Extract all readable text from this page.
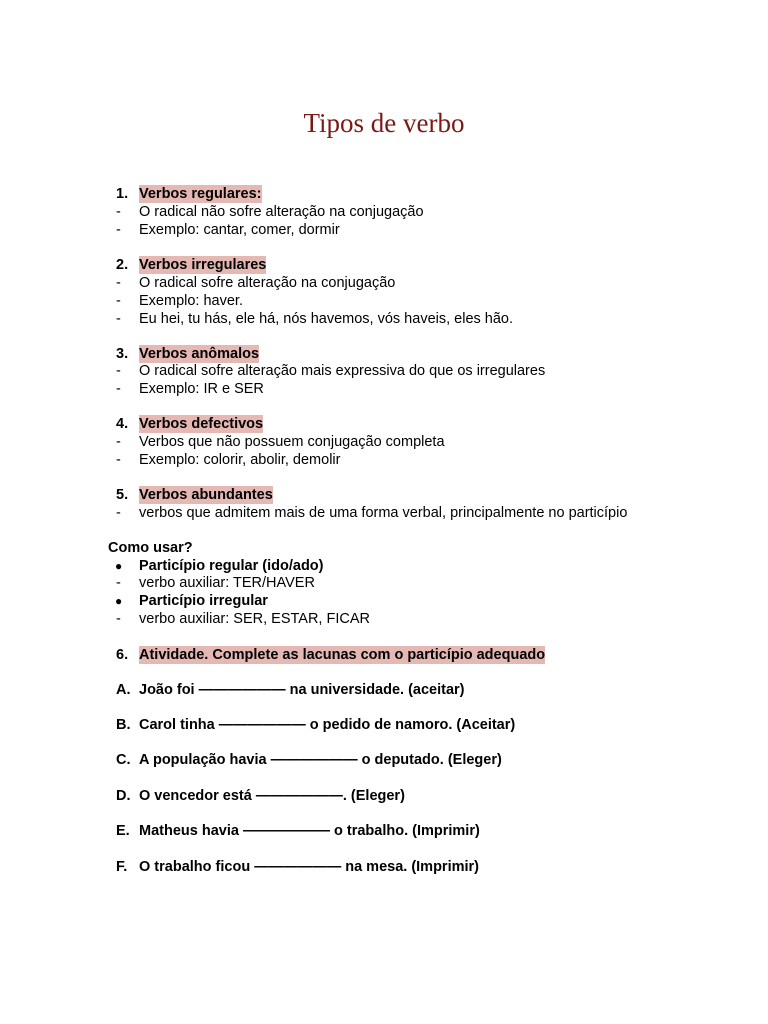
Tipos de verbo
1. Verbos regulares:
- O radical não sofre alteração na conjugação
- Exemplo: cantar, comer, dormir
2. Verbos irregulares
- O radical sofre alteração na conjugação
- Exemplo: haver.
- Eu hei, tu hás, ele há, nós havemos, vós haveis, eles hão.
3. Verbos anômalos
- O radical sofre alteração mais expressiva do que os irregulares
- Exemplo: IR e SER
4. Verbos defectivos
- Verbos que não possuem conjugação completa
- Exemplo: colorir, abolir, demolir
5. Verbos abundantes
- verbos que admitem mais de uma forma verbal, principalmente no particípio
Como usar?
● Particípio regular (ido/ado)
- verbo auxiliar: TER/HAVER
● Particípio irregular
- verbo auxiliar: SER, ESTAR, FICAR
6. Atividade. Complete as lacunas com o particípio adequado
A. João foi ―――――― na universidade. (aceitar)
B. Carol tinha ―――――― o pedido de namoro. (Aceitar)
C. A população havia ―――――― o deputado. (Eleger)
D. O vencedor está ――――――. (Eleger)
E. Matheus havia ―――――― o trabalho. (Imprimir)
F. O trabalho ficou ―――――― na mesa. (Imprimir)
